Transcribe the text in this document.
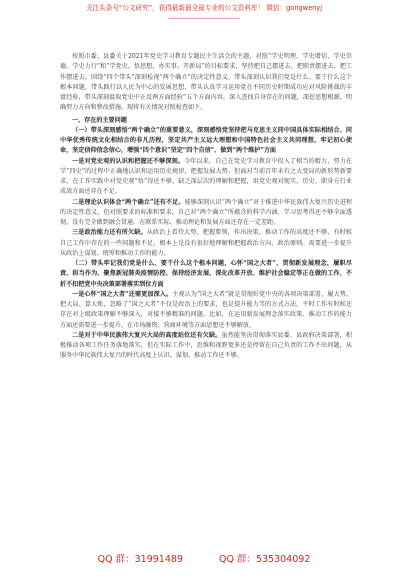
关注头条号“公文研究”，获得最新最全最专业的公文资料库！ 微信：gongwenyj
_______________________

按照市委、县委关于2021年党史学习教育专题民主生活会的主题，对照“学史明理、学史增信、学史崇德、学史力行”和“学党史、悟思想、办实事、开新局”的目标要求，坚持把自己摆进去、把职责摆进去、把工作摆进去，围绕“四个带头”深刻检视“两个确立”的决定性意义，带头深刻认识我们党是什么、要干什么这个根本问题，带头践行以人民为中心的发展思想，带头认真学习运用党在不同历史时期成功应对风险挑战的丰富经验，带头深刻汲取党史中正反两方面经验”五个方面内容，深入查找自身存在的问题，深挖思想根源，明确努力方向和整改措施。现将有关情况对照检查如下。

一、存在的主要问题

（一）带头深刻感悟“两个确立”的重要意义，深刻感悟党坚持把马克思主义同中国具体实际相结合、同中华优秀传统文化相结合的非凡历程，坚定共产主义远大理想和中国特色社会主义共同理想，牢记初心使命，坚定信仰信念信心，增强“四个意识”坚定“四个自信”、做到“两个维护”方面

一是对党史观的认识和把握还不够深刻。今年以来，自己在党史学习教育中投入了相当的精力，努力在学“四史”的过程中正确地认识和运用历史规律，把握发展大势。但面对当前百年未有之大变局的新形势新要求，在工作实践中对党史观“悟”得还不够，缺乏深层次的理解和把握，用党史观对现实、历史、职身方行业成效方面还存在不足。

二是理论认识体会“两个确立”还有不足。能够深刻认识“两个确立”对于推进中华民族伟大复兴历史进程的决定性意义，但对照要求的标准和要求，自己对“两个确立”所蕴含的科学内涵，学习思考得还不够全面透彻，没有完全做到融会贯通，在联系实际、推动理论和发展方面还存在一定差距。

三是政治能力还有所欠缺。从政治上看待大势、把握要领，作出决策、推动工作的高度还不够，有时候自己工作中存在的一些问题和不足，根本上是没有很好地理解和把握政治方向、政治原则。需要进一步提升从政治上谋划、统筹和推动工作的能力。

（二）带头牢记我们党是什么、要干什么这个根本问题，心怀“国之大者”，贯彻新发展理念，履职尽责、担当作为，聚焦新冠肺炎疫情防控、保持经济发展、深化改革开放、维护社会稳定等正在做的工作，不折不扣把党中央决策部署落实到位方面

一是心怀“国之大者”还需更加深入。主观认为“国之大者”就是贯彻好党中央的各项决策部署、履大势、把大局、算大账，忽略了“国之大者”不仅是政治上的要求，也是提升能力等的方式方法。平时工作有时候还存在对上级政策理解不够深入，对接不够精准的问题。比如，在运用新发展理念落实政策、推动工作的能力方面还需要进一步提升，在市场融资、营商环境等方面思想还不够解放。

二是对于中华民族伟大复兴大局的高度站位还有欠缺。虽然能坚决贯彻落实县委、县政府决策部署，积极推动各项工作任务落地落实，但在实际工作中，思维和视野更多还是停留在自己负责的工作不出问题，从服务中华民族伟大复兴的时代高度上认识、谋划、推动工作还不够。

QQ 群：31991489	QQ 群：535304092
